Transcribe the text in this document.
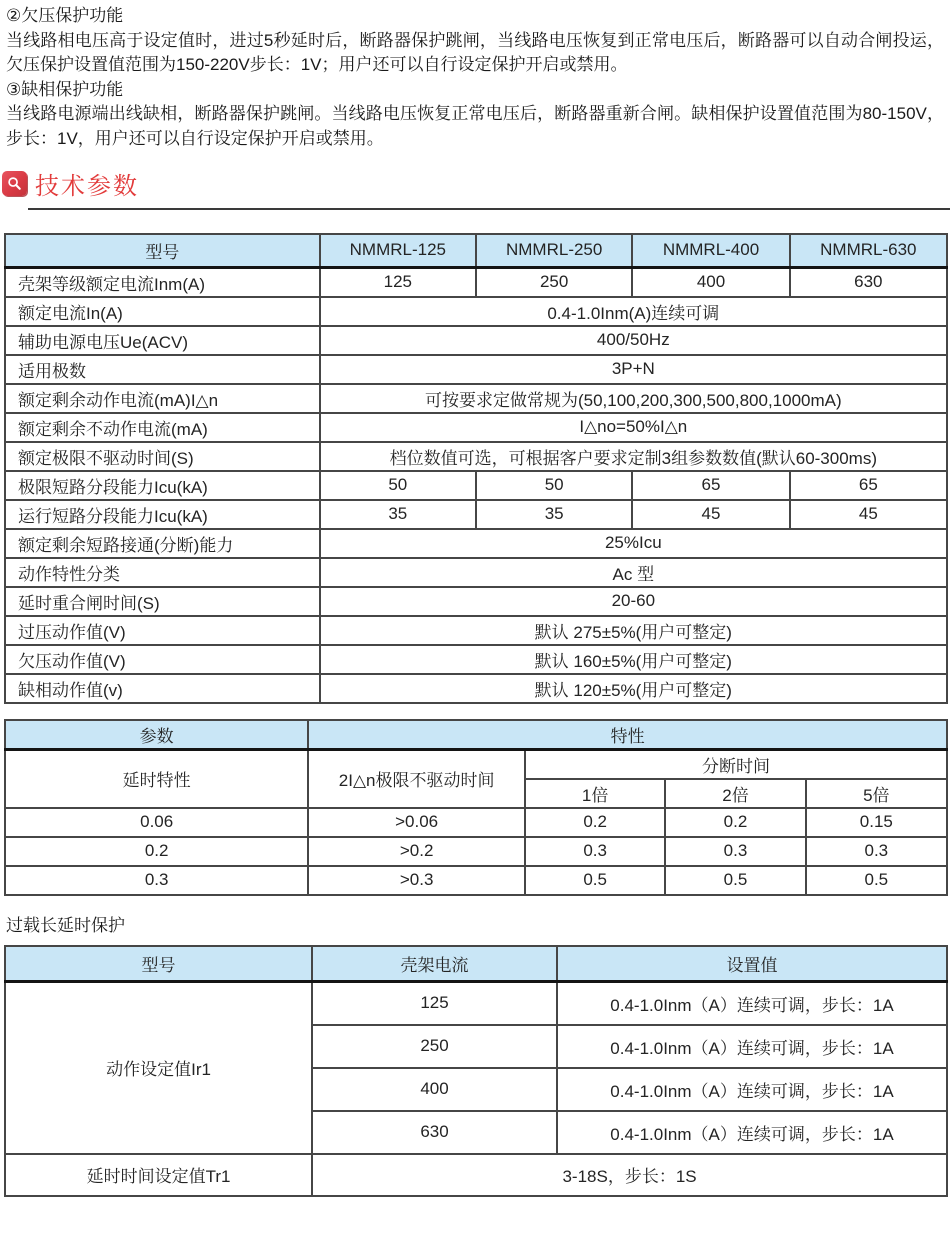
②欠压保护功能

当线路相电压高于设定值时，进过5秒延时后，断路器保护跳闸，当线路电压恢复到正常电压后，断路器可以自动合闸投运，欠压保护设置值范围为150-220V步长：1V；用户还可以自行设定保护开启或禁用。

③缺相保护功能

当线路电源端出线缺相，断路器保护跳闸。当线路电压恢复正常电压后，断路器重新合闸。缺相保护设置值范围为80-150V，步长：1V，用户还可以自行设定保护开启或禁用。

技术参数
型号	NMMRL-125	NMMRL-250	NMMRL-400	NMMRL-630
壳架等级额定电流Inm(A)	125	250	400	630
额定电流In(A)	0.4-1.0Inm(A)连续可调			
辅助电源电压Ue(ACV)	400/50Hz			
适用极数	3P+N			
额定剩余动作电流(mA)I△n	可按要求定做常规为(50,100,200,300,500,800,1000mA)			
额定剩余不动作电流(mA)	I△no=50%I△n			
额定极限不驱动时间(S)	档位数值可选，可根据客户要求定制3组参数数值(默认60-300ms)			
极限短路分段能力Icu(kA)	50	50	65	65
运行短路分段能力Icu(kA)	35	35	45	45
额定剩余短路接通(分断)能力	25%Icu			
动作特性分类	Ac 型			
延时重合闸时间(S)	20-60			
过压动作值(V)	默认 275±5%(用户可整定)			
欠压动作值(V)	默认 160±5%(用户可整定)			
缺相动作值(v)	默认 120±5%(用户可整定)			
参数	特性			
延时特性	2I△n极限不驱动时间	分断时间		
		1倍	2倍	5倍
0.06	>0.06	0.2	0.2	0.15
0.2	>0.2	0.3	0.3	0.3
0.3	>0.3	0.5	0.5	0.5
过载长延时保护
型号	壳架电流	设置值
动作设定值Ir1	125	0.4-1.0Inm（A）连续可调，步长：1A
	250	0.4-1.0Inm（A）连续可调，步长：1A
	400	0.4-1.0Inm（A）连续可调，步长：1A
	630	0.4-1.0Inm（A）连续可调，步长：1A
延时时间设定值Tr1	3-18S，步长：1S	
